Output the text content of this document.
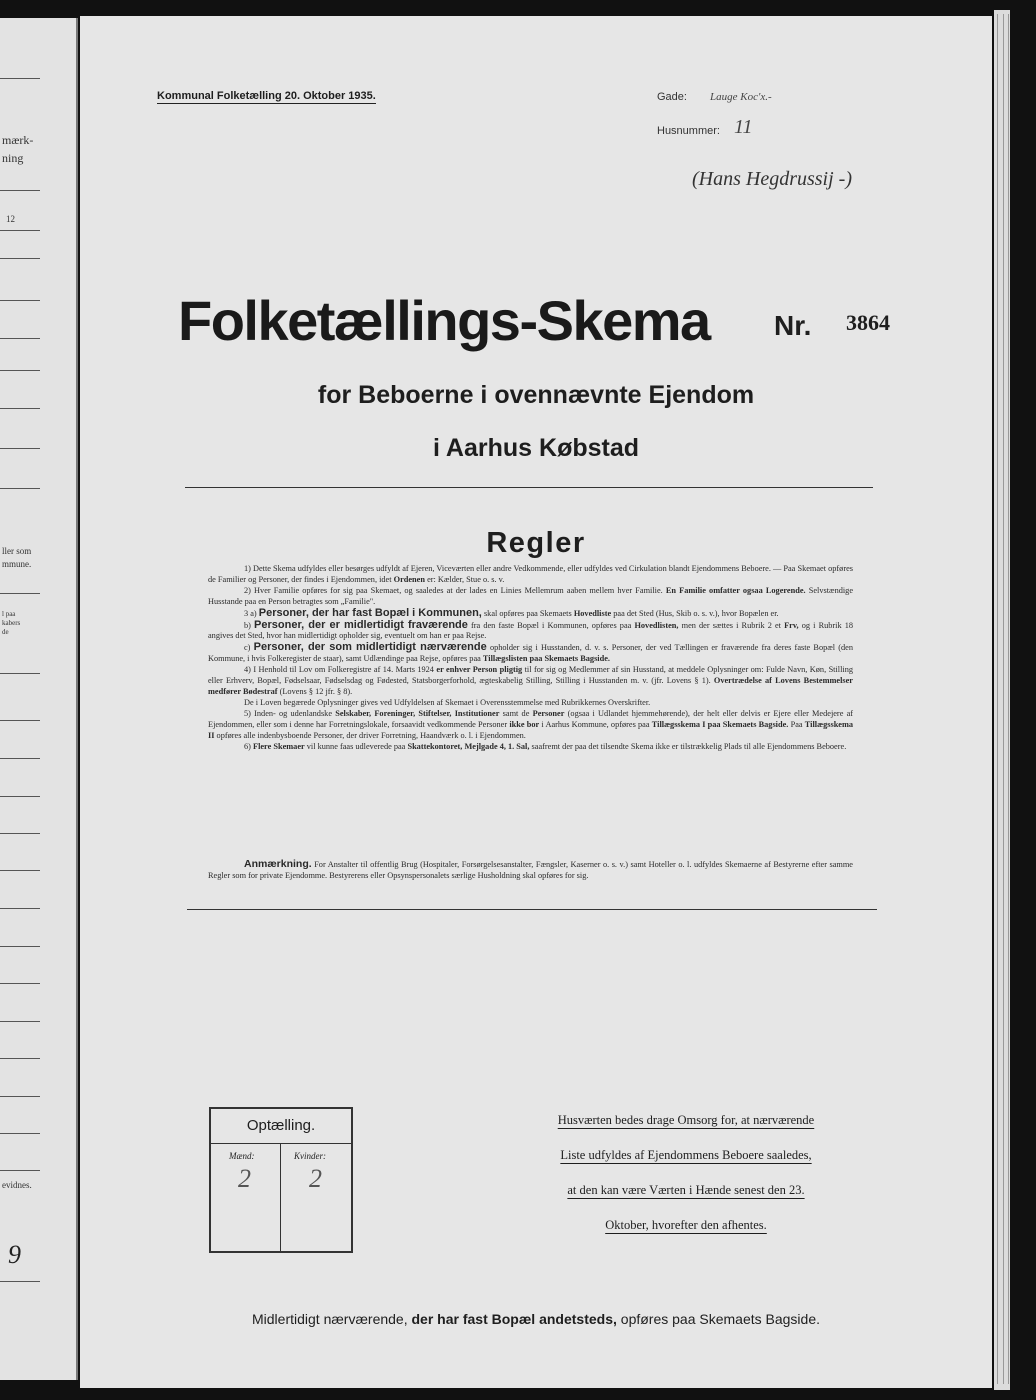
mærk-
ning
12
ller som
mmune.
l paa
kabers
de
evidnes.
9
Kommunal Folketælling 20. Oktober 1935.	Gade: Lauge Koc'x.-
Husnummer: 11
(Hans Hegdrussij -)
Folketællings-Skema Nr. 3864
for Beboerne i ovennævnte Ejendom
i Aarhus Købstad
Regler

1) Dette Skema udfyldes eller besørges udfyldt af Ejeren, Viceværten eller andre Vedkommende, eller udfyldes ved Cirkulation blandt Ejendommens Beboere. — Paa Skemaet opføres de Familier og Personer, der findes i Ejendommen, idet Ordenen er: Kælder, Stue o. s. v.

2) Hver Familie opføres for sig paa Skemaet, og saaledes at der lades en Linies Mellemrum aaben mellem hver Familie. En Familie omfatter ogsaa Logerende. Selvstændige Husstande paa en Person betragtes som „Familie".

3 a) Personer, der har fast Bopæl i Kommunen, skal opføres paa Skemaets Hovedliste paa det Sted (Hus, Skib o. s. v.), hvor Bopælen er.

b) Personer, der er midlertidigt fraværende fra den faste Bopæl i Kommunen, opføres paa Hovedlisten, men der sættes i Rubrik 2 et Frv, og i Rubrik 18 angives det Sted, hvor han midlertidigt opholder sig, eventuelt om han er paa Rejse.

c) Personer, der som midlertidigt nærværende opholder sig i Husstanden, d. v. s. Personer, der ved Tællingen er fraværende fra deres faste Bopæl (den Kommune, i hvis Folkeregister de staar), samt Udlændinge paa Rejse, opføres paa Tillægslisten paa Skemaets Bagside.

4) I Henhold til Lov om Folkeregistre af 14. Marts 1924 er enhver Person pligtig til for sig og Medlemmer af sin Husstand, at meddele Oplysninger om: Fulde Navn, Køn, Stilling eller Erhverv, Bopæl, Fødselsaar, Fødselsdag og Fødested, Statsborgerforhold, ægteskabelig Stilling, Stilling i Husstanden m. v. (jfr. Lovens § 1). Overtrædelse af Lovens Bestemmelser medfører Bødestraf (Lovens § 12 jfr. § 8).

De i Loven begærede Oplysninger gives ved Udfyldelsen af Skemaet i Overensstemmelse med Rubrikkernes Overskrifter.

5) Inden- og udenlandske Selskaber, Foreninger, Stiftelser, Institutioner samt de Personer (ogsaa i Udlandet hjemmehørende), der helt eller delvis er Ejere eller Medejere af Ejendommen, eller som i denne har Forretningslokale, forsaavidt vedkommende Personer ikke bor i Aarhus Kommune, opføres paa Tillægsskema I paa Skemaets Bagside. Paa Tillægsskema II opføres alle indenbysboende Personer, der driver Forretning, Haandværk o. l. i Ejendommen.

6) Flere Skemaer vil kunne faas udleverede paa Skattekontoret, Mejlgade 4, 1. Sal, saafremt der paa det tilsendte Skema ikke er tilstrækkelig Plads til alle Ejendommens Beboere.

Anmærkning. For Anstalter til offentlig Brug (Hospitaler, Forsørgelsesanstalter, Fængsler, Kaserner o. s. v.) samt Hoteller o. l. udfyldes Skemaerne af Bestyrerne efter samme Regler som for private Ejendomme. Bestyrerens eller Opsynspersonalets særlige Husholdning skal opføres for sig.

Optælling.
Mænd:	Kvinder:
2 2
Husværten bedes drage Omsorg for, at nærværende
Liste udfyldes af Ejendommens Beboere saaledes,
at den kan være Værten i Hænde senest den 23.
Oktober, hvorefter den afhentes.
Midlertidigt nærværende, der har fast Bopæl andetsteds, opføres paa Skemaets Bagside.
